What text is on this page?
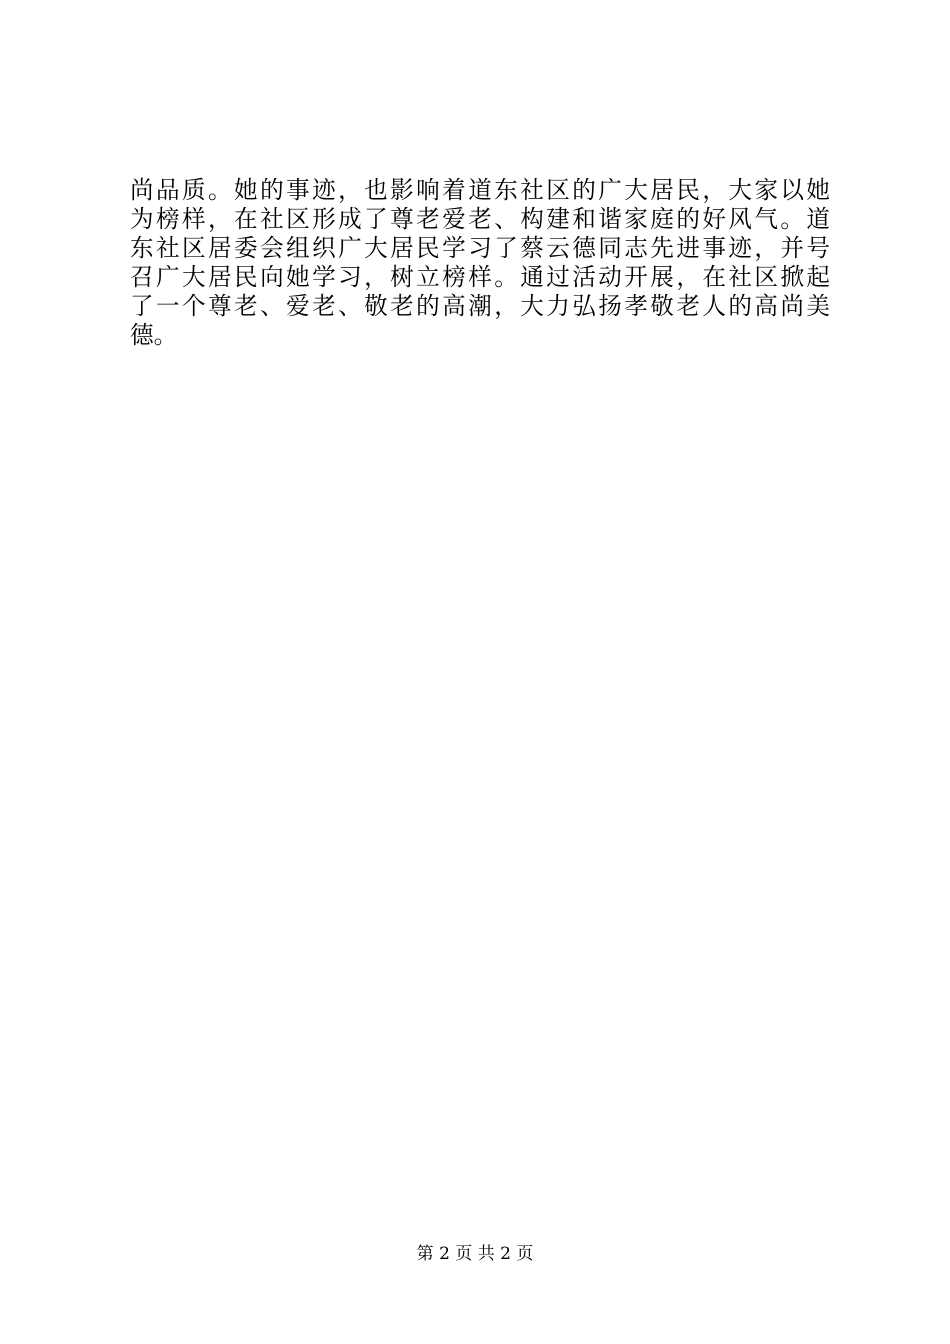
尚品质。她的事迹，也影响着道东社区的广大居民，大家以她
为榜样，在社区形成了尊老爱老、构建和谐家庭的好风气。道
东社区居委会组织广大居民学习了蔡云德同志先进事迹，并号
召广大居民向她学习，树立榜样。通过活动开展，在社区掀起
了一个尊老、爱老、敬老的高潮，大力弘扬孝敬老人的高尚美
德。
第 2 页 共 2 页
